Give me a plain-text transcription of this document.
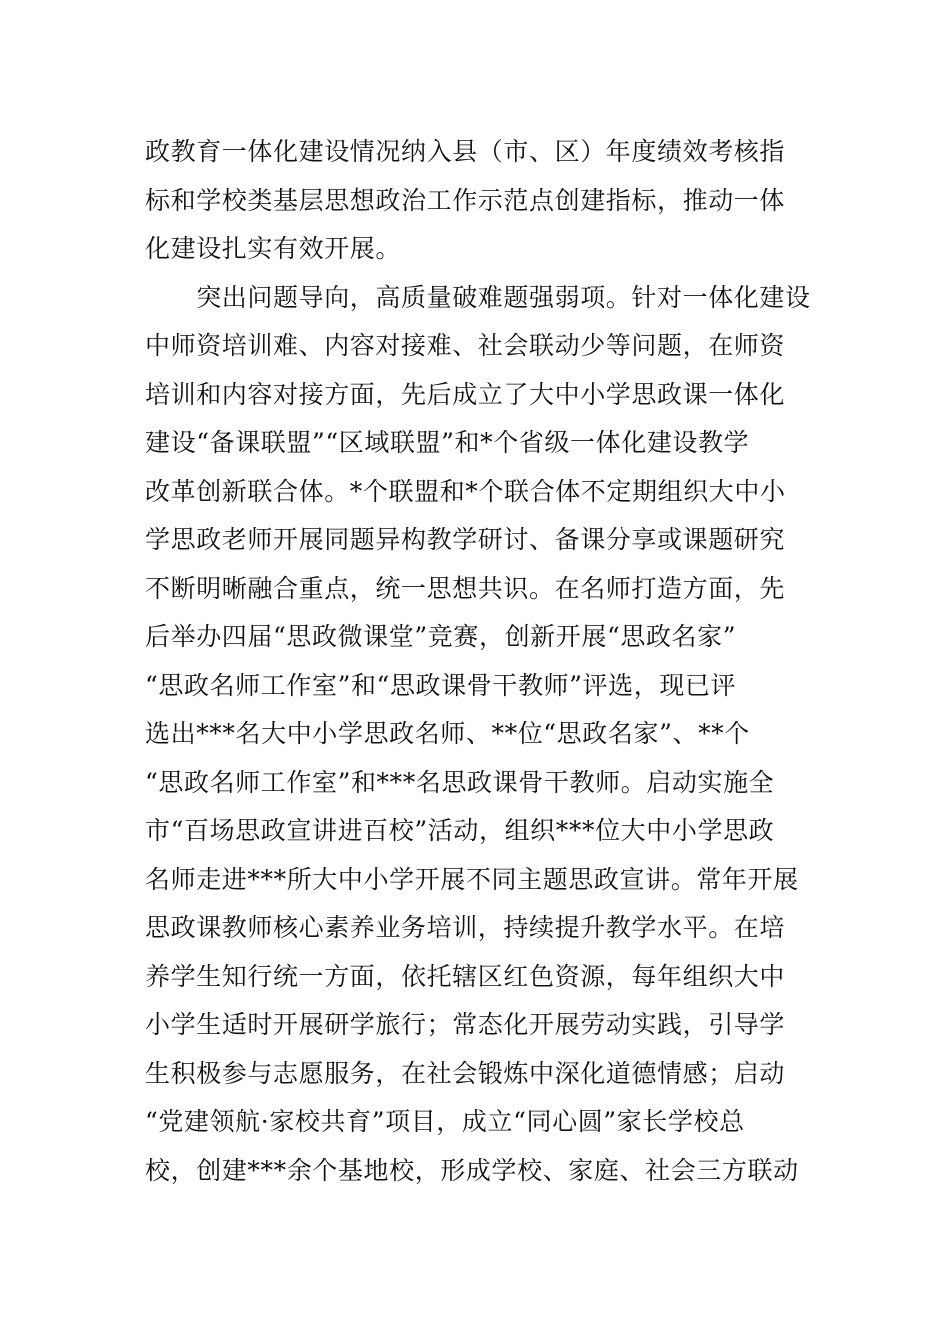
政教育一体化建设情况纳入县（市、区）年度绩效考核指
标和学校类基层思想政治工作示范点创建指标，推动一体
化建设扎实有效开展。
　　突出问题导向，高质量破难题强弱项。针对一体化建设
中师资培训难、内容对接难、社会联动少等问题，在师资
培训和内容对接方面，先后成立了大中小学思政课一体化
建设“备课联盟”“区域联盟”和*个省级一体化建设教学
改革创新联合体。*个联盟和*个联合体不定期组织大中小
学思政老师开展同题异构教学研讨、备课分享或课题研究
不断明晰融合重点，统一思想共识。在名师打造方面，先
后举办四届“思政微课堂”竞赛，创新开展“思政名家”
“思政名师工作室”和“思政课骨干教师”评选，现已评
选出***名大中小学思政名师、**位“思政名家”、**个
“思政名师工作室”和***名思政课骨干教师。启动实施全
市“百场思政宣讲进百校”活动，组织***位大中小学思政
名师走进***所大中小学开展不同主题思政宣讲。常年开展
思政课教师核心素养业务培训，持续提升教学水平。在培
养学生知行统一方面，依托辖区红色资源，每年组织大中
小学生适时开展研学旅行；常态化开展劳动实践，引导学
生积极参与志愿服务，在社会锻炼中深化道德情感；启动
“党建领航·家校共育”项目，成立“同心圆”家长学校总
校，创建***余个基地校，形成学校、家庭、社会三方联动
